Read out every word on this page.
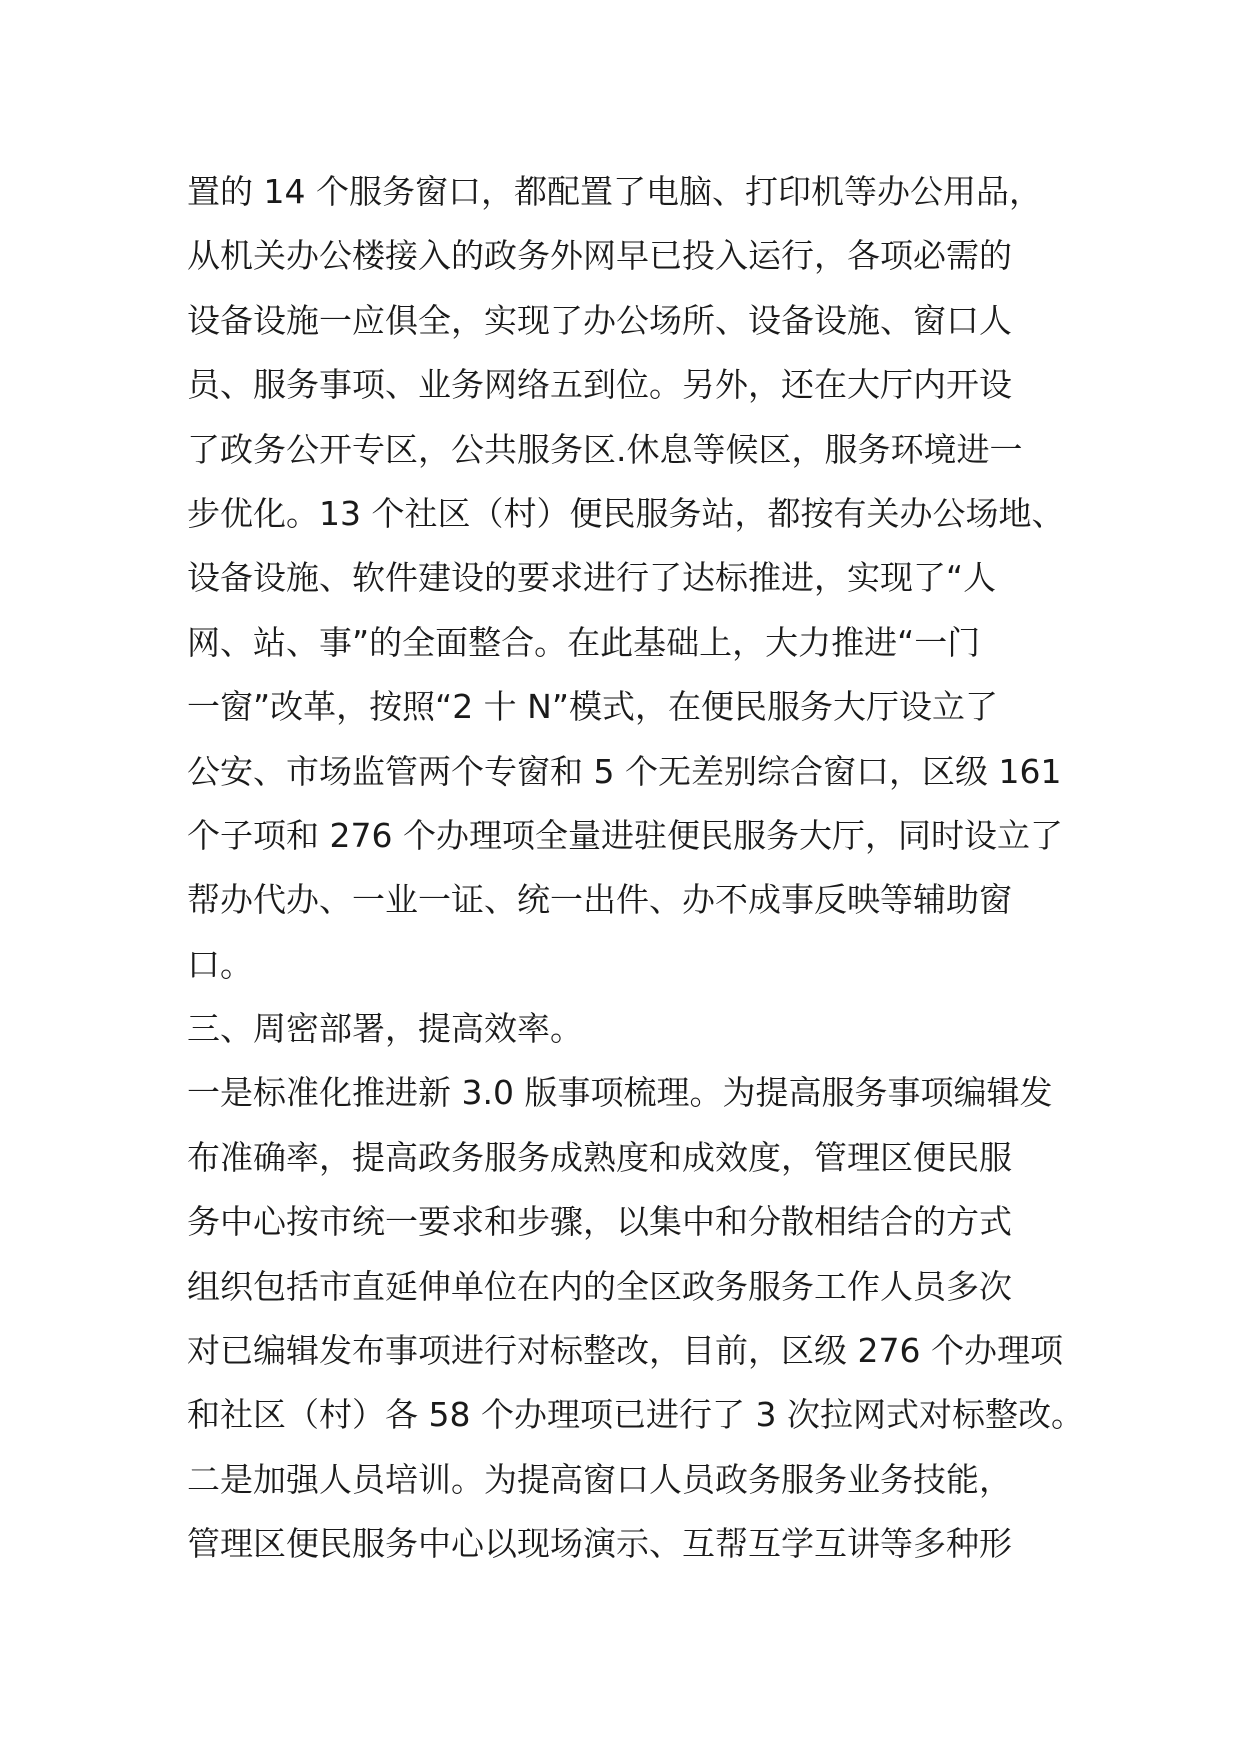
置的 14 个服务窗口，都配置了电脑、打印机等办公用品，
从机关办公楼接入的政务外网早已投入运行，各项必需的
设备设施一应俱全，实现了办公场所、设备设施、窗口人
员、服务事项、业务网络五到位。另外，还在大厅内开设
了政务公开专区，公共服务区.休息等候区，服务环境进一
步优化。13 个社区（村）便民服务站，都按有关办公场地、
设备设施、软件建设的要求进行了达标推进，实现了“人
网、站、事”的全面整合。在此基础上，大力推进“一门
一窗”改革，按照“2 十 N”模式，在便民服务大厅设立了
公安、市场监管两个专窗和 5 个无差别综合窗口，区级 161
个子项和 276 个办理项全量进驻便民服务大厅，同时设立了
帮办代办、一业一证、统一出件、办不成事反映等辅助窗
口。
三、周密部署，提高效率。
一是标准化推进新 3.0 版事项梳理。为提高服务事项编辑发
布准确率，提高政务服务成熟度和成效度，管理区便民服
务中心按市统一要求和步骤，以集中和分散相结合的方式
组织包括市直延伸单位在内的全区政务服务工作人员多次
对已编辑发布事项进行对标整改，目前，区级 276 个办理项
和社区（村）各 58 个办理项已进行了 3 次拉网式对标整改。
二是加强人员培训。为提高窗口人员政务服务业务技能，
管理区便民服务中心以现场演示、互帮互学互讲等多种形
